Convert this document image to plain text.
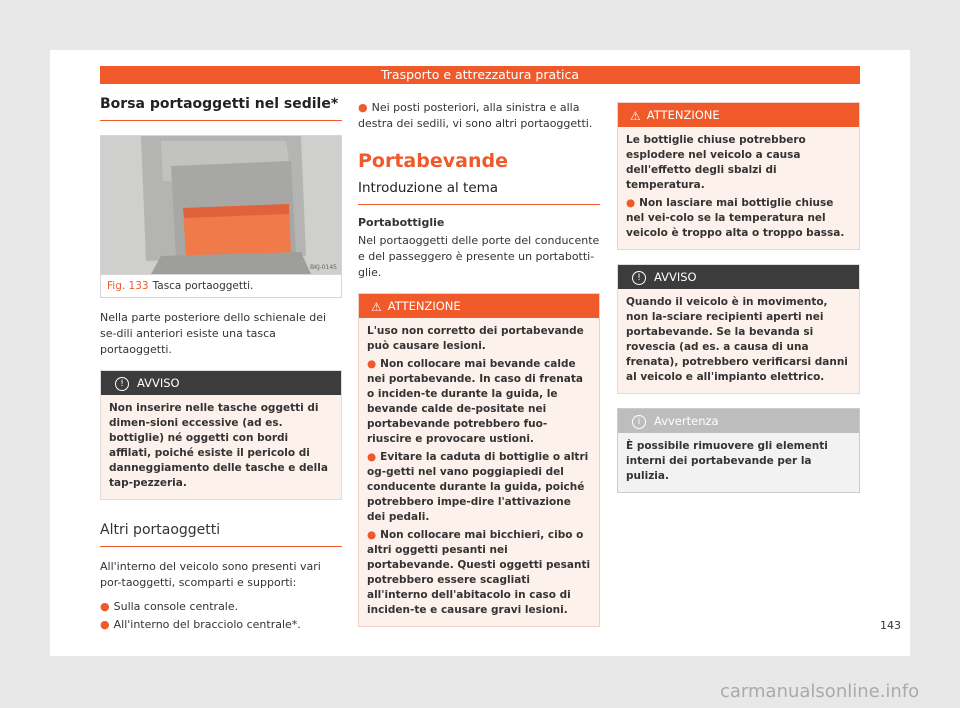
Trasporto e attrezzatura pratica
Borsa portaoggetti nel sedile*
BKJ-0145
Fig. 133 Tasca portaoggetti.

Nella parte posteriore dello schienale dei se-dili anteriori esiste una tasca portaoggetti.

! AVVISO
Non inserire nelle tasche oggetti di dimen-sioni eccessive (ad es. bottiglie) né oggetti con bordi affilati, poiché esiste il pericolo di danneggiamento delle tasche e della tap-pezzeria.
Altri portaoggetti

All'interno del veicolo sono presenti vari por-taoggetti, scomparti e supporti:

● Sulla console centrale.

● All'interno del bracciolo centrale*.

● Nei posti posteriori, alla sinistra e alla destra dei sedili, vi sono altri portaoggetti.

Portabevande
Introduzione al tema

Portabottiglie

Nel portaoggetti delle porte del conducente e del passeggero è presente un portabotti-glie.

⚠ ATTENZIONE

L'uso non corretto dei portabevande può causare lesioni.

● Non collocare mai bevande calde nei portabevande. In caso di frenata o inciden-te durante la guida, le bevande calde de-positate nei portabevande potrebbero fuo-riuscire e provocare ustioni.

● Evitare la caduta di bottiglie o altri og-getti nel vano poggiapiedi del conducente durante la guida, poiché potrebbero impe-dire l'attivazione dei pedali.

● Non collocare mai bicchieri, cibo o altri oggetti pesanti nei portabevande. Questi oggetti pesanti potrebbero essere scagliati all'interno dell'abitacolo in caso di inciden-te e causare gravi lesioni.

⚠ ATTENZIONE

Le bottiglie chiuse potrebbero esplodere nel veicolo a causa dell'effetto degli sbalzi di temperatura.

● Non lasciare mai bottiglie chiuse nel vei-colo se la temperatura nel veicolo è troppo alta o troppo bassa.

! AVVISO
Quando il veicolo è in movimento, non la-sciare recipienti aperti nei portabevande. Se la bevanda si rovescia (ad es. a causa di una frenata), potrebbero verificarsi danni al veicolo e all'impianto elettrico.
i Avvertenza
È possibile rimuovere gli elementi interni dei portabevande per la pulizia.
143
carmanualsonline.info
